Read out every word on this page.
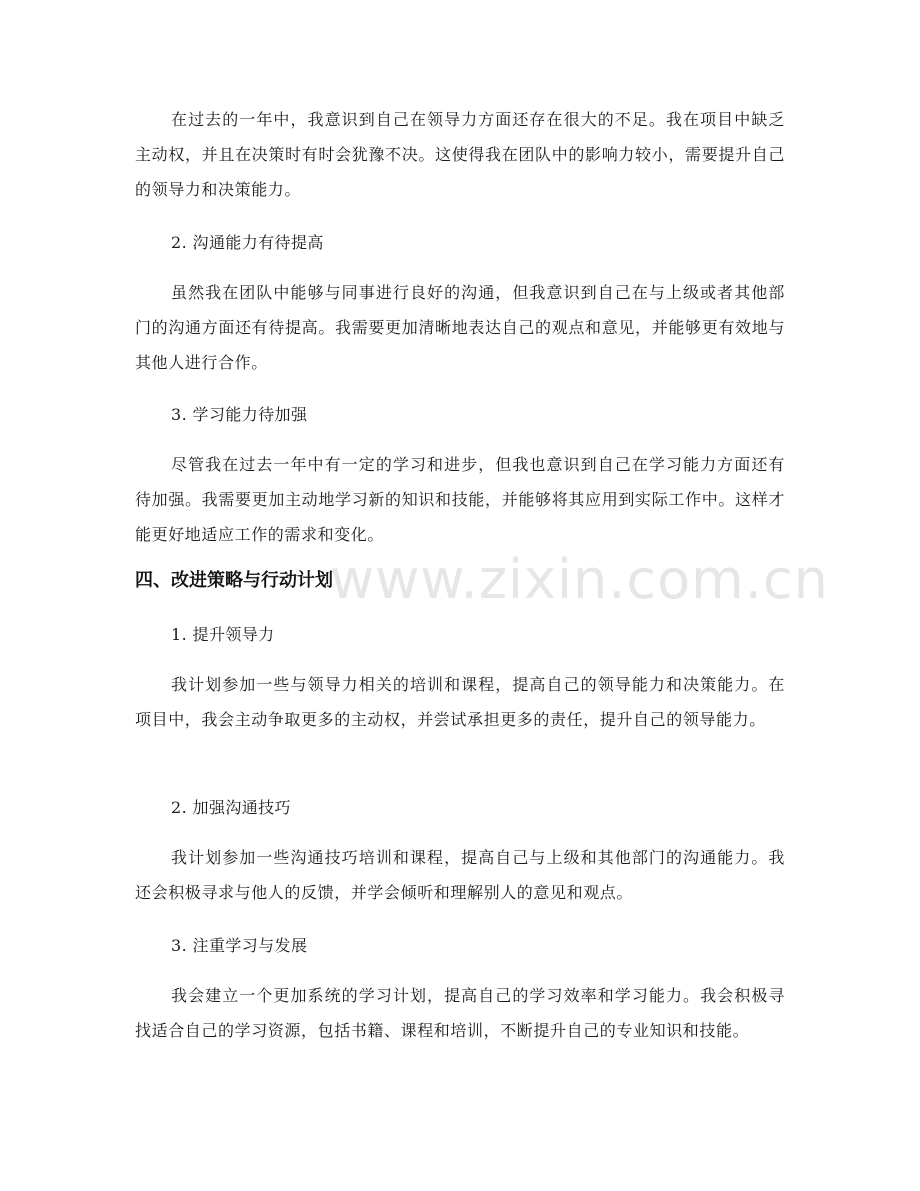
www.zixin.com.cn

在过去的一年中，我意识到自己在领导力方面还存在很大的不足。我在项目中缺乏主动权，并且在决策时有时会犹豫不决。这使得我在团队中的影响力较小，需要提升自己的领导力和决策能力。

2. 沟通能力有待提高

虽然我在团队中能够与同事进行良好的沟通，但我意识到自己在与上级或者其他部门的沟通方面还有待提高。我需要更加清晰地表达自己的观点和意见，并能够更有效地与其他人进行合作。

3. 学习能力待加强

尽管我在过去一年中有一定的学习和进步，但我也意识到自己在学习能力方面还有待加强。我需要更加主动地学习新的知识和技能，并能够将其应用到实际工作中。这样才能更好地适应工作的需求和变化。

四、改进策略与行动计划

1. 提升领导力

我计划参加一些与领导力相关的培训和课程，提高自己的领导能力和决策能力。在项目中，我会主动争取更多的主动权，并尝试承担更多的责任，提升自己的领导能力。

2. 加强沟通技巧

我计划参加一些沟通技巧培训和课程，提高自己与上级和其他部门的沟通能力。我还会积极寻求与他人的反馈，并学会倾听和理解别人的意见和观点。

3. 注重学习与发展

我会建立一个更加系统的学习计划，提高自己的学习效率和学习能力。我会积极寻找适合自己的学习资源，包括书籍、课程和培训，不断提升自己的专业知识和技能。
